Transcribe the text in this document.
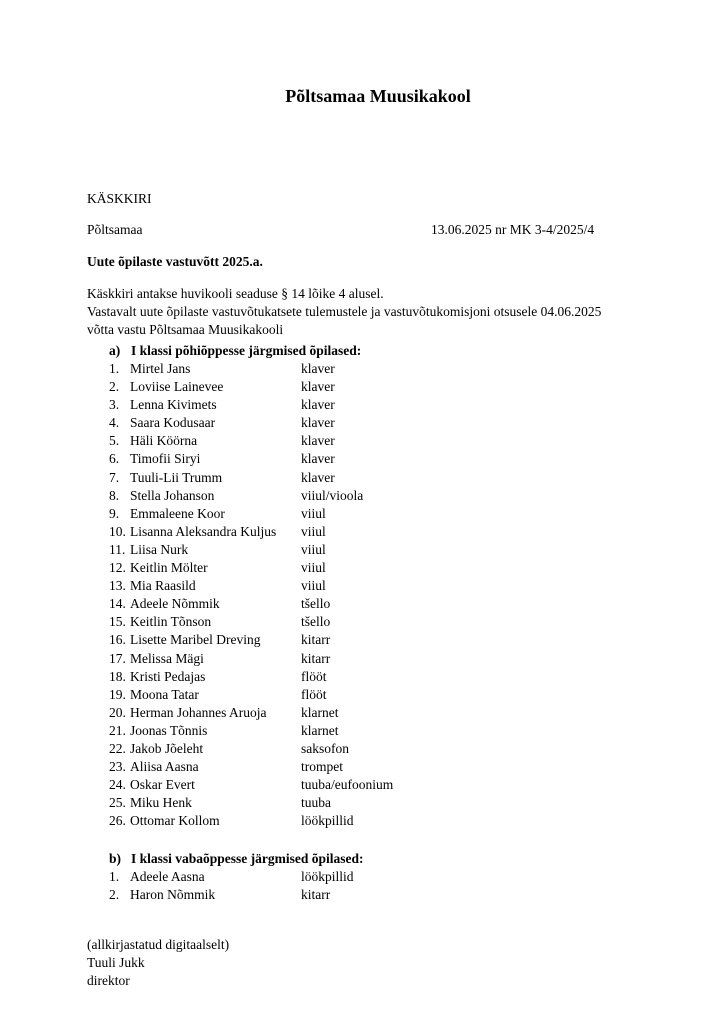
Põltsamaa Muusikakool
KÄSKKIRI
Põltsamaa	13.06.2025 nr MK 3-4/2025/4
Uute õpilaste vastuvõtt 2025.a.
Käskkiri antakse huvikooli seaduse § 14 lõike 4 alusel.
Vastavalt uute õpilaste vastuvõtukatsete tulemustele ja vastuvõtukomisjoni otsusele 04.06.2025
võtta vastu Põltsamaa Muusikakooli
a) I klassi põhiõppesse järgmised õpilased:
1. Mirtel Jans	klaver
2. Loviise Lainevee	klaver
3. Lenna Kivimets	klaver
4. Saara Kodusaar	klaver
5. Häli Köörna	klaver
6. Timofii Siryi	klaver
7. Tuuli-Lii Trumm	klaver
8. Stella Johanson	viiul/vioola
9. Emmaleene Koor	viiul
10. Lisanna Aleksandra Kuljus viiul
11. Liisa Nurk	viiul
12. Keitlin Mölter	viiul
13. Mia Raasild	viiul
14. Adeele Nõmmik	tšello
15. Keitlin Tõnson	tšello
16. Lisette Maribel Dreving	kitarr
17. Melissa Mägi	kitarr
18. Kristi Pedajas	flööt
19. Moona Tatar	flööt
20. Herman Johannes Aruoja	klarnet
21. Joonas Tõnnis	klarnet
22. Jakob Jõeleht	saksofon
23. Aliisa Aasna	trompet
24. Oskar Evert	tuuba/eufoonium
25. Miku Henk	tuuba
26. Ottomar Kollom	löökpillid
b) I klassi vabaõppesse järgmised õpilased:
1. Adeele Aasna	löökpillid
2. Haron Nõmmik	kitarr
(allkirjastatud digitaalselt)
Tuuli Jukk
direktor
